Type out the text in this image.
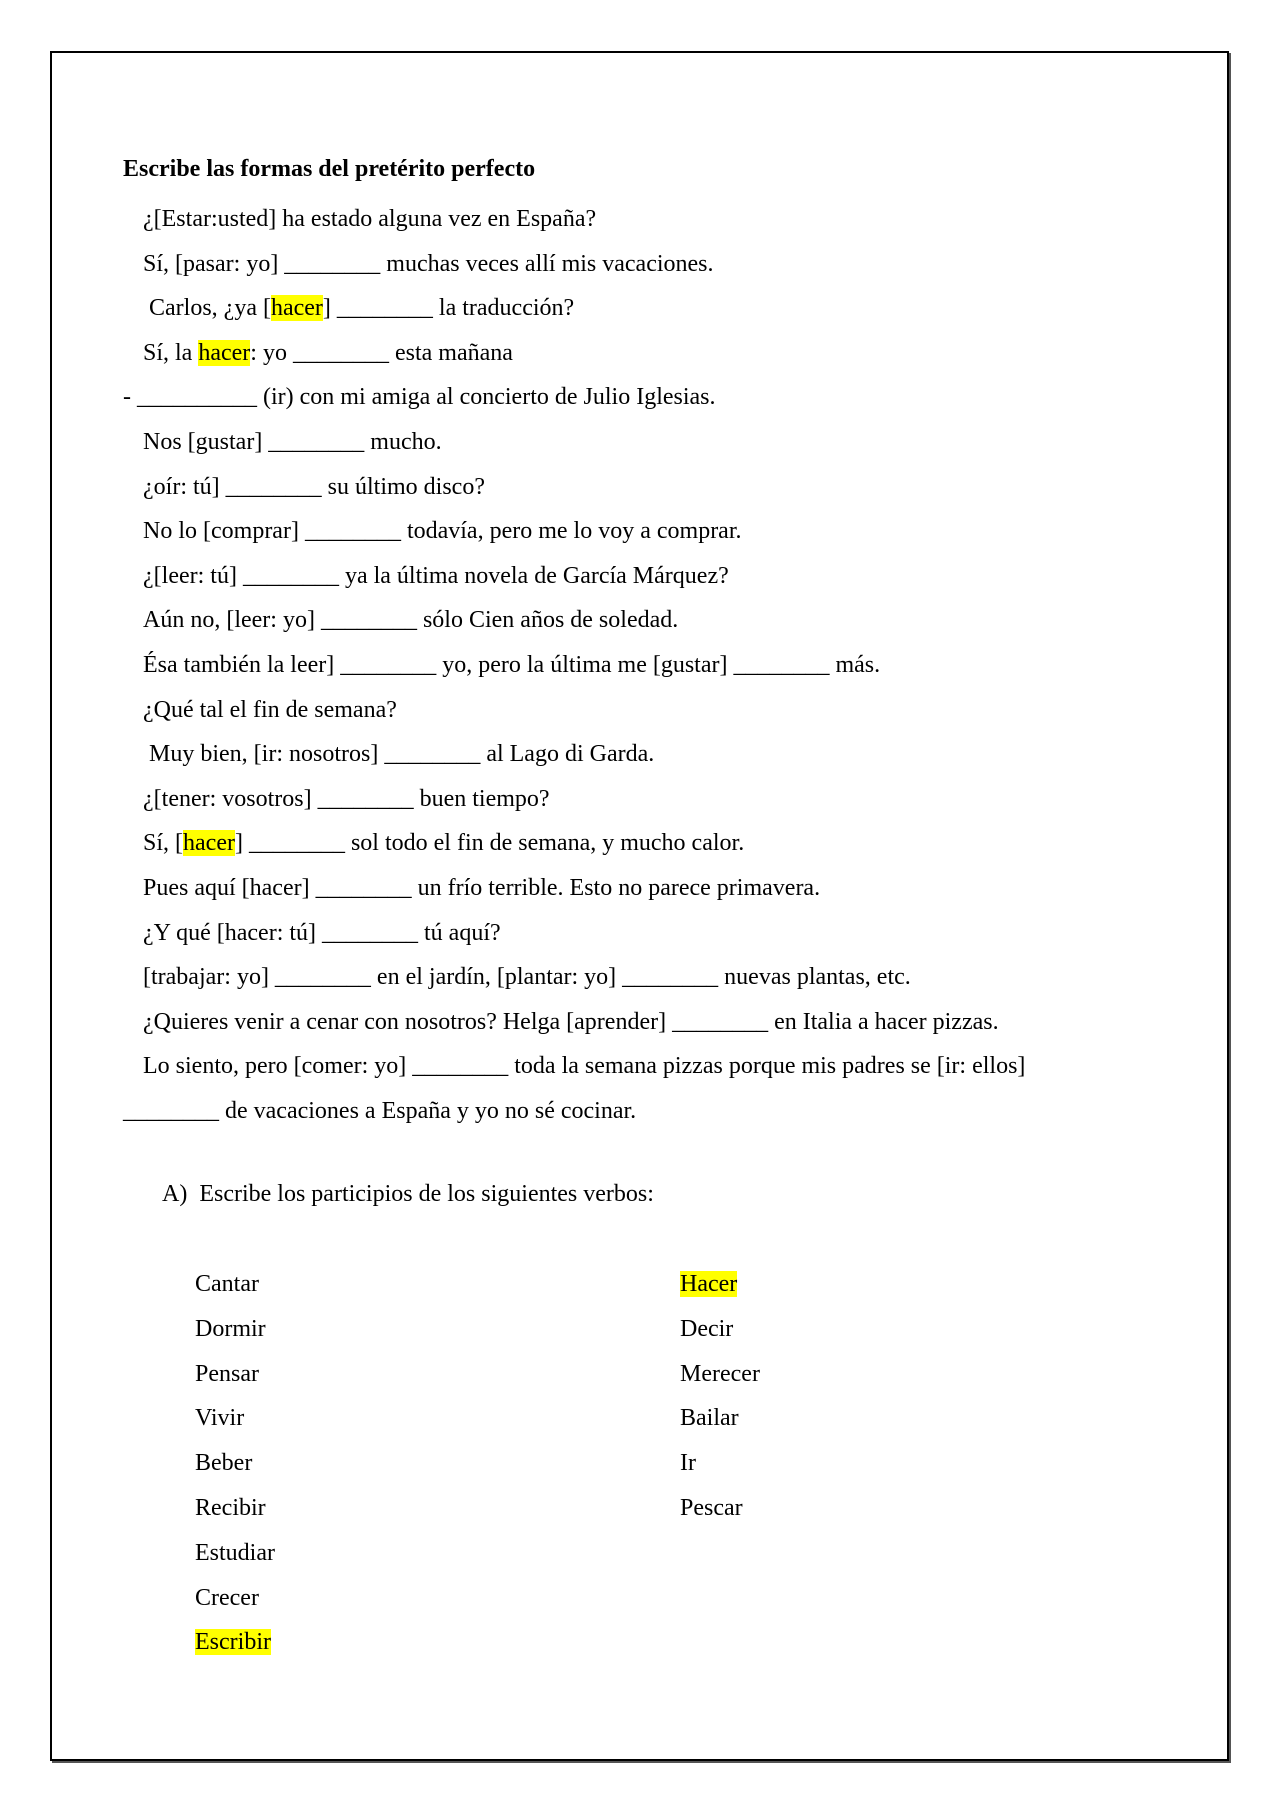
Escribe las formas del pretérito perfecto
¿[Estar:usted] ha estado alguna vez en España?
Sí, [pasar: yo] ________ muchas veces allí mis vacaciones.
Carlos, ¿ya [hacer] ________ la traducción?
Sí, la hacer: yo ________ esta mañana
- __________ (ir) con mi amiga al concierto de Julio Iglesias.
Nos [gustar] ________ mucho.
¿oír: tú] ________ su último disco?
No lo [comprar] ________ todavía, pero me lo voy a comprar.
¿[leer: tú] ________ ya la última novela de García Márquez?
Aún no, [leer: yo] ________ sólo Cien años de soledad.
Ésa también la leer] ________ yo, pero la última me [gustar] ________ más.
¿Qué tal el fin de semana?
Muy bien, [ir: nosotros] ________ al Lago di Garda.
¿[tener: vosotros] ________ buen tiempo?
Sí, [hacer] ________ sol todo el fin de semana, y mucho calor.
Pues aquí [hacer] ________ un frío terrible. Esto no parece primavera.
¿Y qué [hacer: tú] ________ tú aquí?
[trabajar: yo] ________ en el jardín, [plantar: yo] ________ nuevas plantas, etc.
¿Quieres venir a cenar con nosotros? Helga [aprender] ________ en Italia a hacer pizzas.
Lo siento, pero [comer: yo] ________ toda la semana pizzas porque mis padres se [ir: ellos]
________ de vacaciones a España y yo no sé cocinar.
A) Escribe los participios de los siguientes verbos:
Cantar
Dormir
Pensar
Vivir
Beber
Recibir
Estudiar
Crecer
Escribir
Hacer
Decir
Merecer
Bailar
Ir
Pescar
